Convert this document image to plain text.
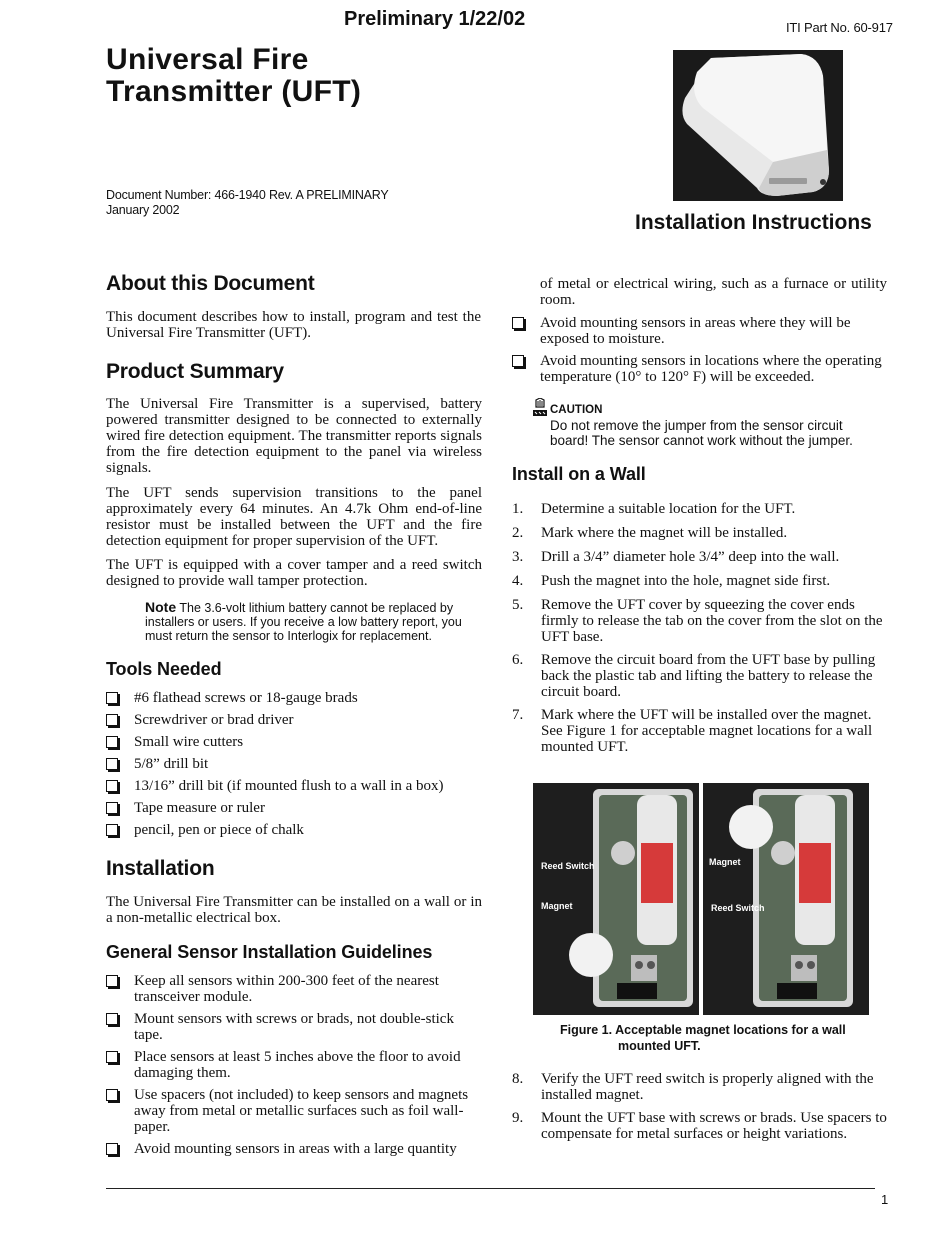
Preliminary 1/22/02	ITI Part No. 60-917
Universal Fire
Transmitter (UFT)
Document Number: 466-1940 Rev. A PRELIMINARY
January 2002
Installation Instructions
About this Document
This document describes how to install, program and test the Universal Fire Transmitter (UFT).
Product Summary
The Universal Fire Transmitter is a supervised, battery powered transmitter designed to be connected to externally wired fire detection equipment. The transmitter reports signals from the fire detection equipment to the panel via wireless signals.
The UFT sends supervision transitions to the panel approximately every 64 minutes. An 4.7k Ohm end-of-line resistor must be installed between the UFT and the fire detection equipment for proper supervision of the UFT.
The UFT is equipped with a cover tamper and a reed switch designed to provide wall tamper protection.
Note The 3.6-volt lithium battery cannot be replaced by installers or users. If you receive a low battery report, you must return the sensor to Interlogix for replacement.
Tools Needed
#6 flathead screws or 18-gauge brads
Screwdriver or brad driver
Small wire cutters
5/8” drill bit
13/16” drill bit (if mounted flush to a wall in a box)
Tape measure or ruler
pencil, pen or piece of chalk
Installation
The Universal Fire Transmitter can be installed on a wall or in a non-metallic electrical box.
General Sensor Installation Guidelines
Keep all sensors within 200-300 feet of the nearest transceiver module.
Mount sensors with screws or brads, not double-stick tape.
Place sensors at least 5 inches above the floor to avoid damaging them.
Use spacers (not included) to keep sensors and magnets away from metal or metallic surfaces such as foil wall-paper.
Avoid mounting sensors in areas with a large quantity
of metal or electrical wiring, such as a furnace or utility room.
Avoid mounting sensors in areas where they will be exposed to moisture.
Avoid mounting sensors in locations where the operating temperature (10° to 120° F) will be exceeded.
CAUTION
Do not remove the jumper from the sensor circuit board! The sensor cannot work without the jumper.
Install on a Wall
1. Determine a suitable location for the UFT.
2. Mark where the magnet will be installed.
3. Drill a 3/4” diameter hole 3/4” deep into the wall.
4. Push the magnet into the hole, magnet side first.
5. Remove the UFT cover by squeezing the cover ends firmly to release the tab on the cover from the slot on the UFT base.
6. Remove the circuit board from the UFT base by pulling back the plastic tab and lifting the battery to release the circuit board.
7. Mark where the UFT will be installed over the magnet. See Figure 1 for acceptable magnet locations for a wall mounted UFT.
Reed Switch
Magnet
Magnet
Reed Switch
Figure 1. Acceptable magnet locations for a wall
mounted UFT.
8. Verify the UFT reed switch is properly aligned with the installed magnet.
9. Mount the UFT base with screws or brads. Use spacers to compensate for metal surfaces or height variations.
1
